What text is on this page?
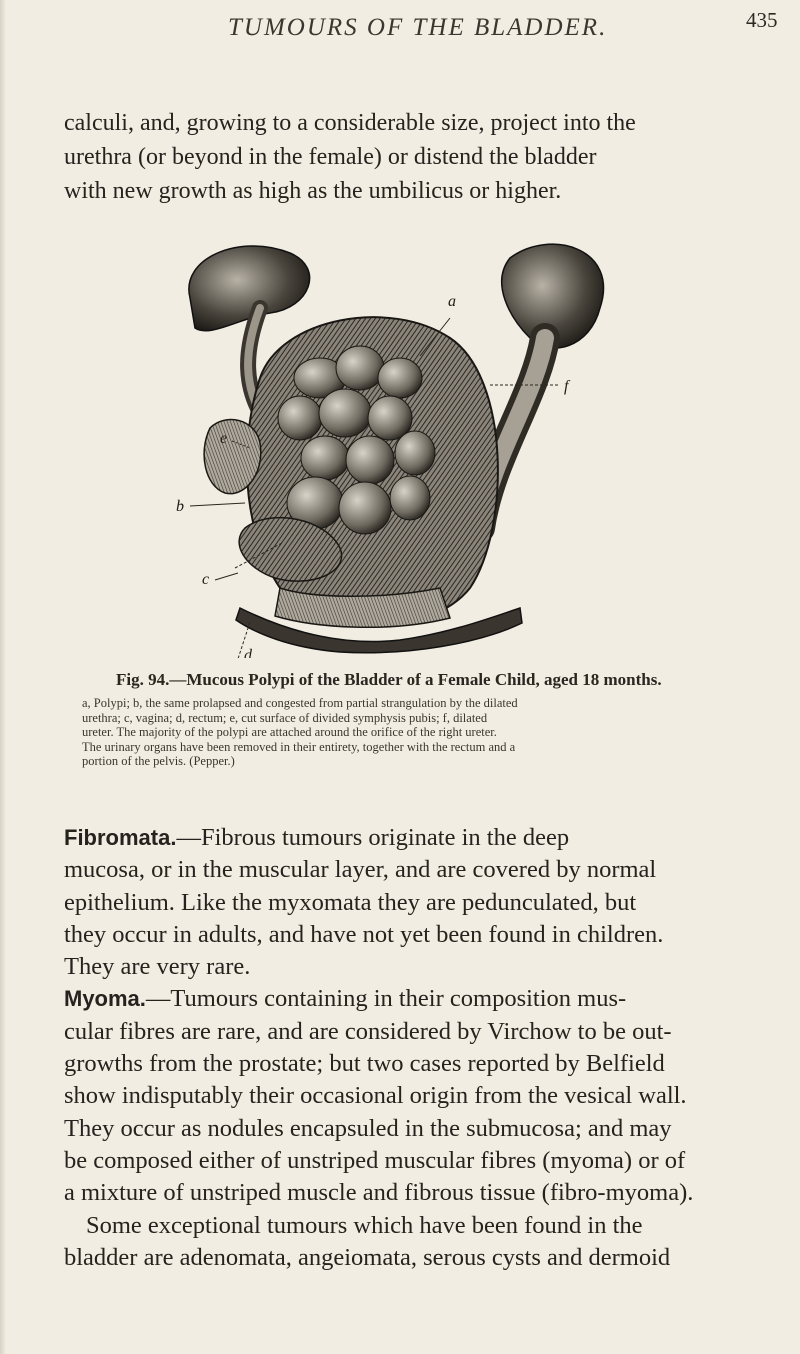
TUMOURS OF THE BLADDER.	435
calculi, and, growing to a considerable size, project into the
urethra (or beyond in the female) or distend the bladder
with new growth as high as the umbilicus or higher.
a
c
b
d
e
f
Fig. 94.—Mucous Polypi of the Bladder of a Female Child, aged 18 months.
a, Polypi; b, the same prolapsed and congested from partial strangulation by the dilated
urethra; c, vagina; d, rectum; e, cut surface of divided symphysis pubis; f, dilated
ureter. The majority of the polypi are attached around the orifice of the right ureter.
The urinary organs have been removed in their entirety, together with the rectum and a
portion of the pelvis. (Pepper.)
Fibromata.—Fibrous tumours originate in the deep
mucosa, or in the muscular layer, and are covered by normal
epithelium. Like the myxomata they are pedunculated, but
they occur in adults, and have not yet been found in children.
They are very rare.
Myoma.—Tumours containing in their composition mus-
cular fibres are rare, and are considered by Virchow to be out-
growths from the prostate; but two cases reported by Belfield
show indisputably their occasional origin from the vesical wall.
They occur as nodules encapsuled in the submucosa; and may
be composed either of unstriped muscular fibres (myoma) or of
a mixture of unstriped muscle and fibrous tissue (fibro-myoma).
Some exceptional tumours which have been found in the
bladder are adenomata, angeiomata, serous cysts and dermoid
